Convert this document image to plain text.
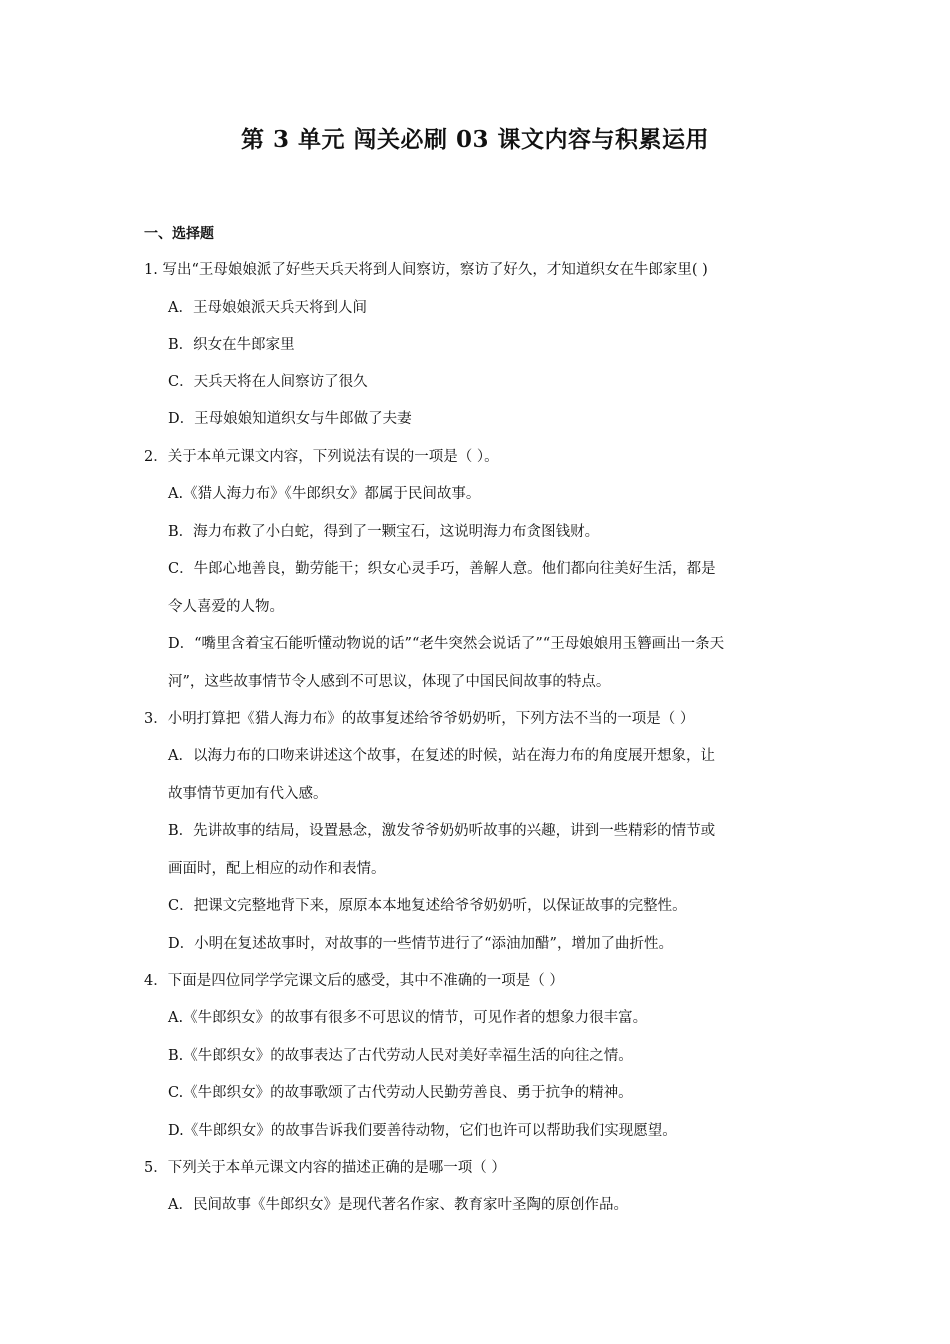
第 3 单元 闯关必刷 03 课文内容与积累运用
一、选择题

1. 写出“王母娘娘派了好些天兵天将到人间察访，察访了好久，才知道织女在牛郎家里( )

A．王母娘娘派天兵天将到人间

B．织女在牛郎家里

C．天兵天将在人间察访了很久

D．王母娘娘知道织女与牛郎做了夫妻

2．关于本单元课文内容，下列说法有误的一项是（ ）。

A.《猎人海力布》《牛郎织女》都属于民间故事。

B．海力布救了小白蛇，得到了一颗宝石，这说明海力布贪图钱财。

C．牛郎心地善良，勤劳能干；织女心灵手巧，善解人意。他们都向往美好生活，都是

令人喜爱的人物。

D．“嘴里含着宝石能听懂动物说的话”“老牛突然会说话了”“王母娘娘用玉簪画出一条天

河”，这些故事情节令人感到不可思议，体现了中国民间故事的特点。

3．小明打算把《猎人海力布》的故事复述给爷爷奶奶听，下列方法不当的一项是（ ）

A．以海力布的口吻来讲述这个故事，在复述的时候，站在海力布的角度展开想象，让

故事情节更加有代入感。

B．先讲故事的结局，设置悬念，激发爷爷奶奶听故事的兴趣，讲到一些精彩的情节或

画面时，配上相应的动作和表情。

C．把课文完整地背下来，原原本本地复述给爷爷奶奶听，以保证故事的完整性。

D．小明在复述故事时，对故事的一些情节进行了“添油加醋”，增加了曲折性。

4．下面是四位同学学完课文后的感受，其中不准确的一项是（ ）

A.《牛郎织女》的故事有很多不可思议的情节，可见作者的想象力很丰富。

B.《牛郎织女》的故事表达了古代劳动人民对美好幸福生活的向往之情。

C.《牛郎织女》的故事歌颂了古代劳动人民勤劳善良、勇于抗争的精神。

D.《牛郎织女》的故事告诉我们要善待动物，它们也许可以帮助我们实现愿望。

5．下列关于本单元课文内容的描述正确的是哪一项（ ）

A．民间故事《牛郎织女》是现代著名作家、教育家叶圣陶的原创作品。
